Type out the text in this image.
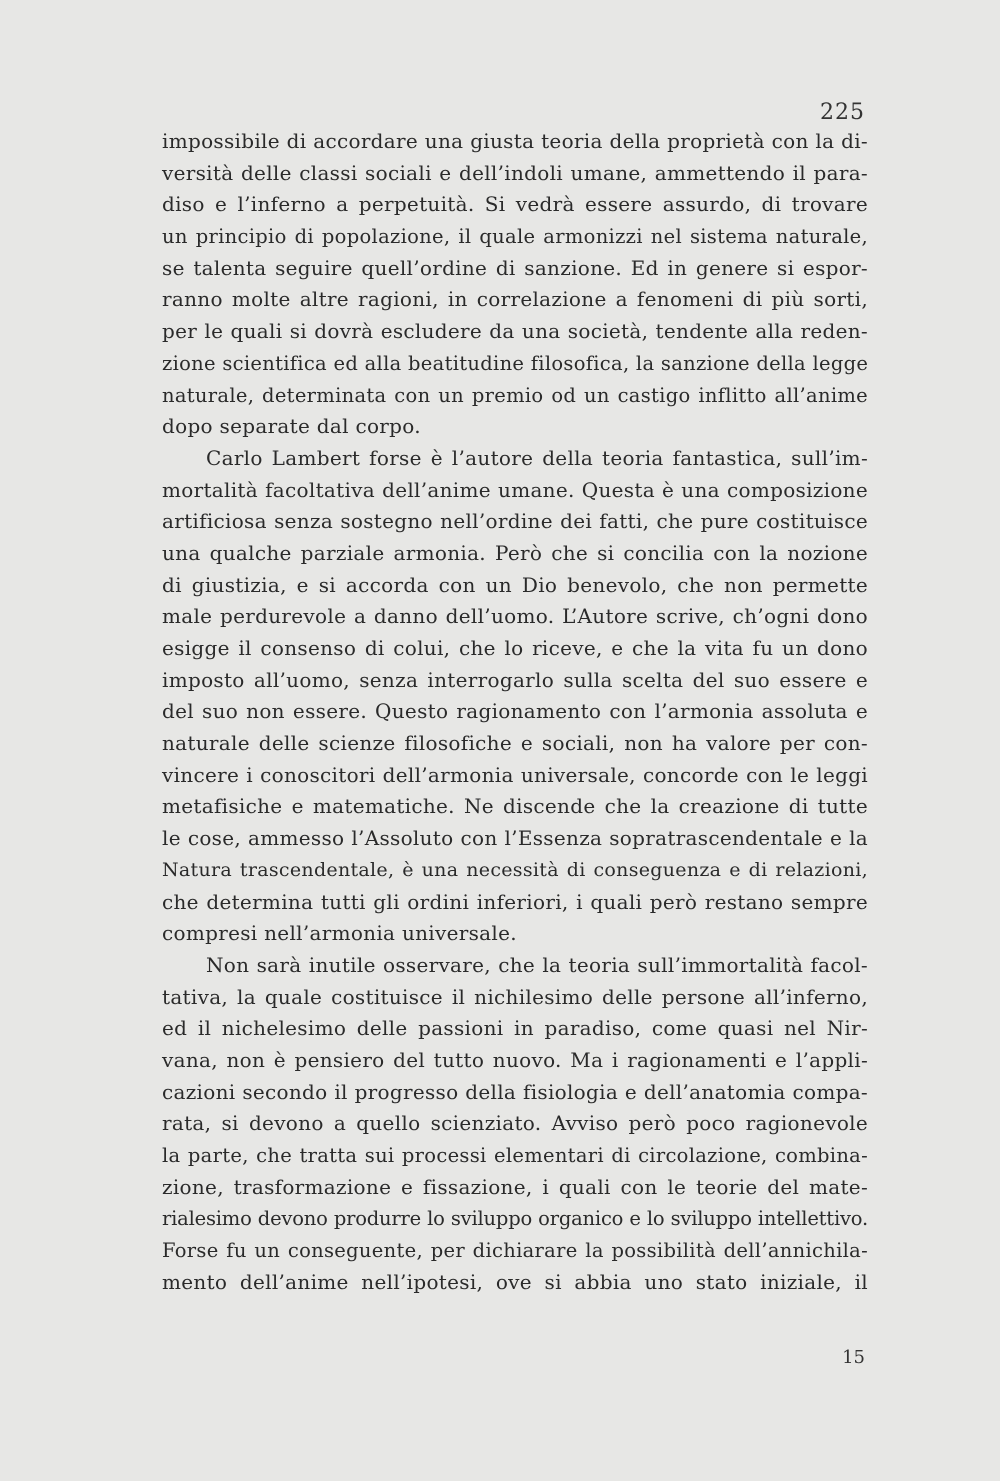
225
impossibile di accordare una giusta teoria della proprietà con la di-
versità delle classi sociali e dell’indoli umane, ammettendo il para-
diso e l’inferno a perpetuità. Si vedrà essere assurdo, di trovare
un principio di popolazione, il quale armonizzi nel sistema naturale,
se talenta seguire quell’ordine di sanzione. Ed in genere si espor-
ranno molte altre ragioni, in correlazione a fenomeni di più sorti,
per le quali si dovrà escludere da una società, tendente alla reden-
zione scientifica ed alla beatitudine filosofica, la sanzione della legge
naturale, determinata con un premio od un castigo inflitto all’anime
dopo separate dal corpo.
Carlo Lambert forse è l’autore della teoria fantastica, sull’im-
mortalità facoltativa dell’anime umane. Questa è una composizione
artificiosa senza sostegno nell’ordine dei fatti, che pure costituisce
una qualche parziale armonia. Però che si concilia con la nozione
di giustizia, e si accorda con un Dio benevolo, che non permette
male perdurevole a danno dell’uomo. L’Autore scrive, ch’ogni dono
esigge il consenso di colui, che lo riceve, e che la vita fu un dono
imposto all’uomo, senza interrogarlo sulla scelta del suo essere e
del suo non essere. Questo ragionamento con l’armonia assoluta e
naturale delle scienze filosofiche e sociali, non ha valore per con-
vincere i conoscitori dell’armonia universale, concorde con le leggi
metafisiche e matematiche. Ne discende che la creazione di tutte
le cose, ammesso l’Assoluto con l’Essenza sopratrascendentale e la
Natura trascendentale, è una necessità di conseguenza e di relazioni,
che determina tutti gli ordini inferiori, i quali però restano sempre
compresi nell’armonia universale.
Non sarà inutile osservare, che la teoria sull’immortalità facol-
tativa, la quale costituisce il nichilesimo delle persone all’inferno,
ed il nichelesimo delle passioni in paradiso, come quasi nel Nir-
vana, non è pensiero del tutto nuovo. Ma i ragionamenti e l’appli-
cazioni secondo il progresso della fisiologia e dell’anatomia compa-
rata, si devono a quello scienziato. Avviso però poco ragionevole
la parte, che tratta sui processi elementari di circolazione, combina-
zione, trasformazione e fissazione, i quali con le teorie del mate-
rialesimo devono produrre lo sviluppo organico e lo sviluppo intellettivo.
Forse fu un conseguente, per dichiarare la possibilità dell’annichila-
mento dell’anime nell’ipotesi, ove si abbia uno stato iniziale, il
15
